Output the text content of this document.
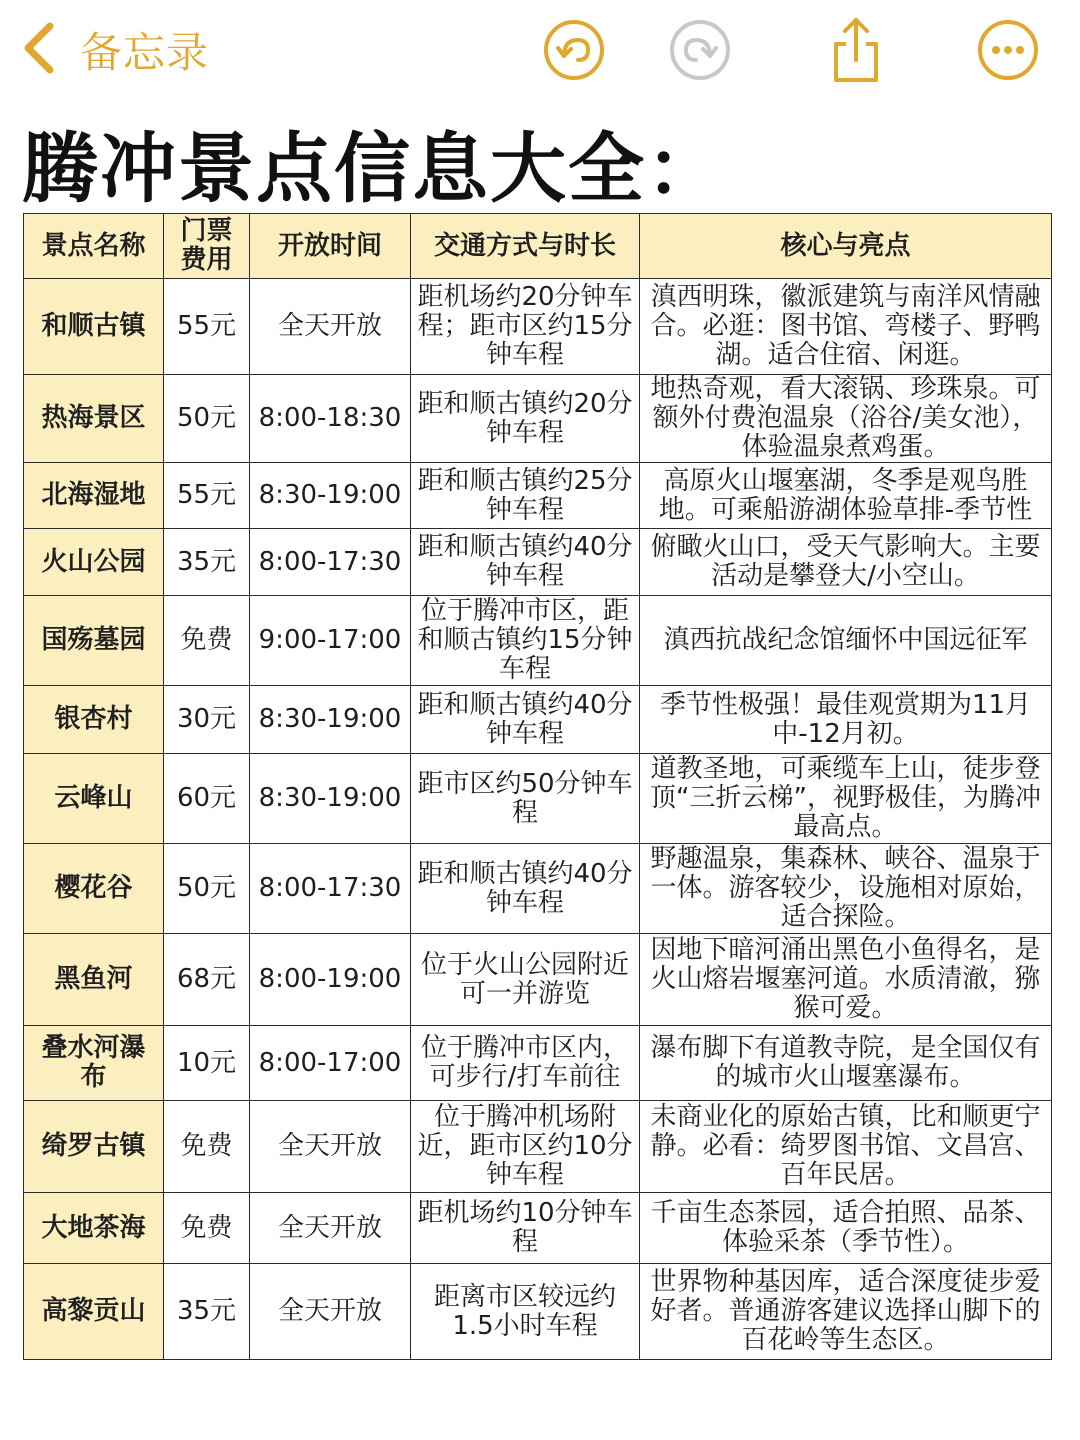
备忘录
腾冲景点信息大全：
景点名称	门票费用	开放时间	交通方式与时长	核心与亮点
和顺古镇	55元	全天开放	距机场约20分钟车程；距市区约15分钟车程	滇西明珠，徽派建筑与南洋风情融合。必逛：图书馆、弯楼子、野鸭湖。适合住宿、闲逛。
热海景区	50元	8:00-18:30	距和顺古镇约20分钟车程	地热奇观，看大滚锅、珍珠泉。可额外付费泡温泉（浴谷/美女池），体验温泉煮鸡蛋。
北海湿地	55元	8:30-19:00	距和顺古镇约25分钟车程	高原火山堰塞湖，冬季是观鸟胜地。可乘船游湖体验草排-季节性
火山公园	35元	8:00-17:30	距和顺古镇约40分钟车程	俯瞰火山口，受天气影响大。主要活动是攀登大/小空山。
国殇墓园	免费	9:00-17:00	位于腾冲市区，距和顺古镇约15分钟车程	滇西抗战纪念馆缅怀中国远征军
银杏村	30元	8:30-19:00	距和顺古镇约40分钟车程	季节性极强！最佳观赏期为11月中-12月初。
云峰山	60元	8:30-19:00	距市区约50分钟车程	道教圣地，可乘缆车上山，徒步登顶“三折云梯”，视野极佳，为腾冲最高点。
樱花谷	50元	8:00-17:30	距和顺古镇约40分钟车程	野趣温泉，集森林、峡谷、温泉于一体。游客较少，设施相对原始，适合探险。
黑鱼河	68元	8:00-19:00	位于火山公园附近可一并游览	因地下暗河涌出黑色小鱼得名，是火山熔岩堰塞河道。水质清澈，猕猴可爱。
叠水河瀑布	10元	8:00-17:00	位于腾冲市区内，可步行/打车前往	瀑布脚下有道教寺院，是全国仅有的城市火山堰塞瀑布。
绮罗古镇	免费	全天开放	位于腾冲机场附近，距市区约10分钟车程	未商业化的原始古镇，比和顺更宁静。必看：绮罗图书馆、文昌宫、百年民居。
大地茶海	免费	全天开放	距机场约10分钟车程	千亩生态茶园，适合拍照、品茶、体验采茶（季节性）。
高黎贡山	35元	全天开放	距离市区较远约1.5小时车程	世界物种基因库，适合深度徒步爱好者。普通游客建议选择山脚下的百花岭等生态区。
